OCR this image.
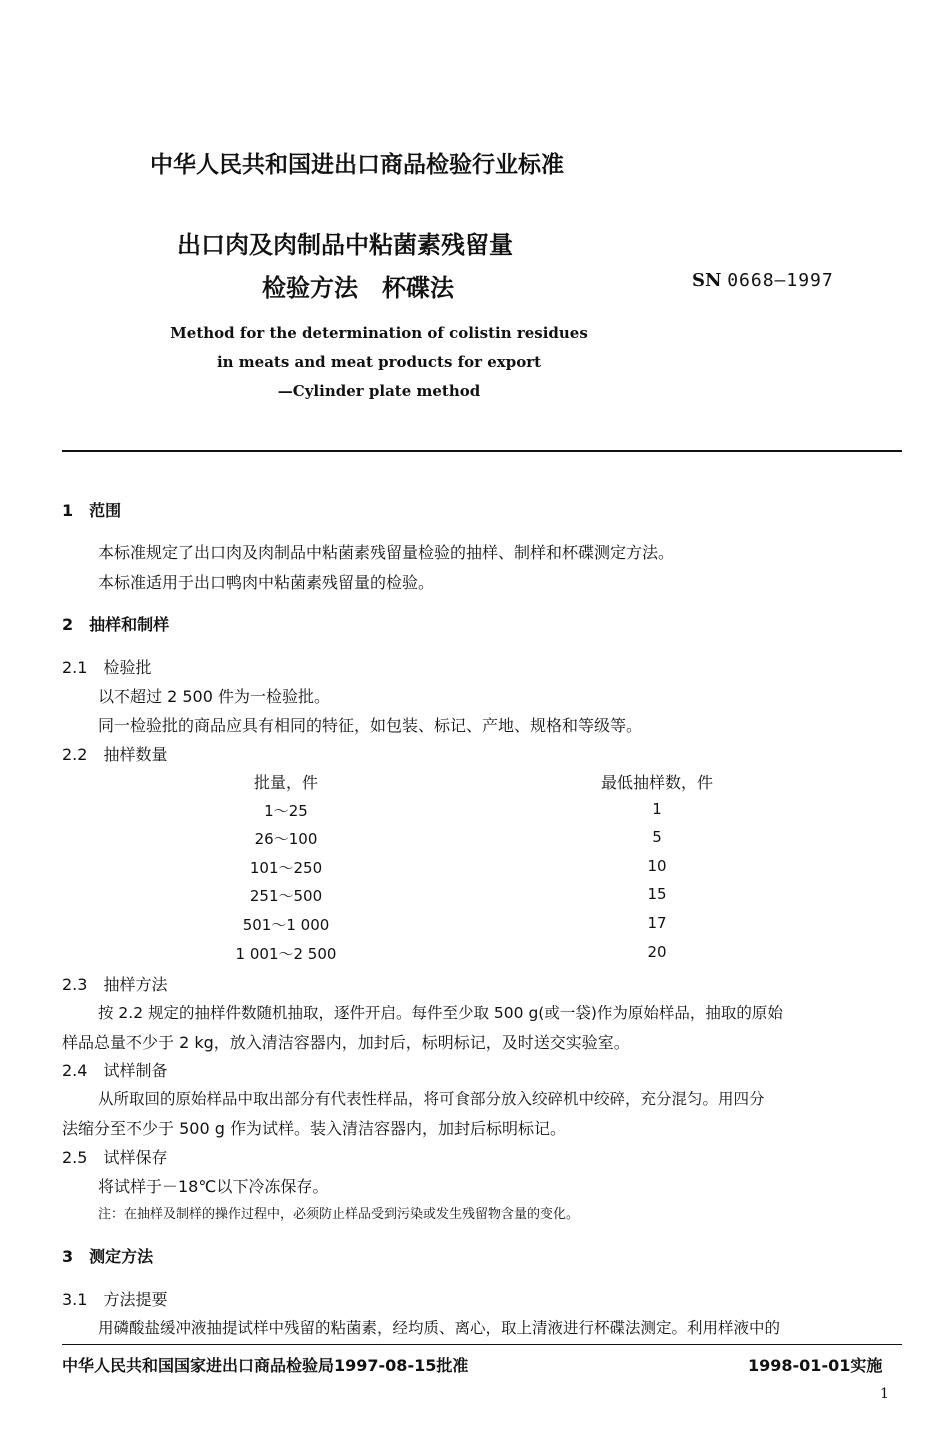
中华人民共和国进出口商品检验行业标准
出口肉及肉制品中粘菌素残留量
检验方法　杯碟法	SN 0668—1997
Method for the determination of colistin residues
in meats and meat products for export
—Cylinder plate method
1　范围
本标准规定了出口肉及肉制品中粘菌素残留量检验的抽样、制样和杯碟测定方法。
本标准适用于出口鸭肉中粘菌素残留量的检验。
2　抽样和制样
2.1　检验批
以不超过 2 500 件为一检验批。
同一检验批的商品应具有相同的特征，如包装、标记、产地、规格和等级等。
2.2　抽样数量
批量，件	最低抽样数，件
1～25	1
26～100	5
101～250	10
251～500	15
501～1 000	17
1 001～2 500	20
2.3　抽样方法
按 2.2 规定的抽样件数随机抽取，逐件开启。每件至少取 500 g(或一袋)作为原始样品，抽取的原始
样品总量不少于 2 kg，放入清洁容器内，加封后，标明标记，及时送交实验室。
2.4　试样制备
从所取回的原始样品中取出部分有代表性样品，将可食部分放入绞碎机中绞碎，充分混匀。用四分
法缩分至不少于 500 g 作为试样。装入清洁容器内，加封后标明标记。
2.5　试样保存
将试样于－18℃以下冷冻保存。
注：在抽样及制样的操作过程中，必须防止样品受到污染或发生残留物含量的变化。
3　测定方法
3.1　方法提要
用磷酸盐缓冲液抽提试样中残留的粘菌素，经均质、离心，取上清液进行杯碟法测定。利用样液中的
中华人民共和国国家进出口商品检验局1997-08-15批准	1998-01-01实施
1
